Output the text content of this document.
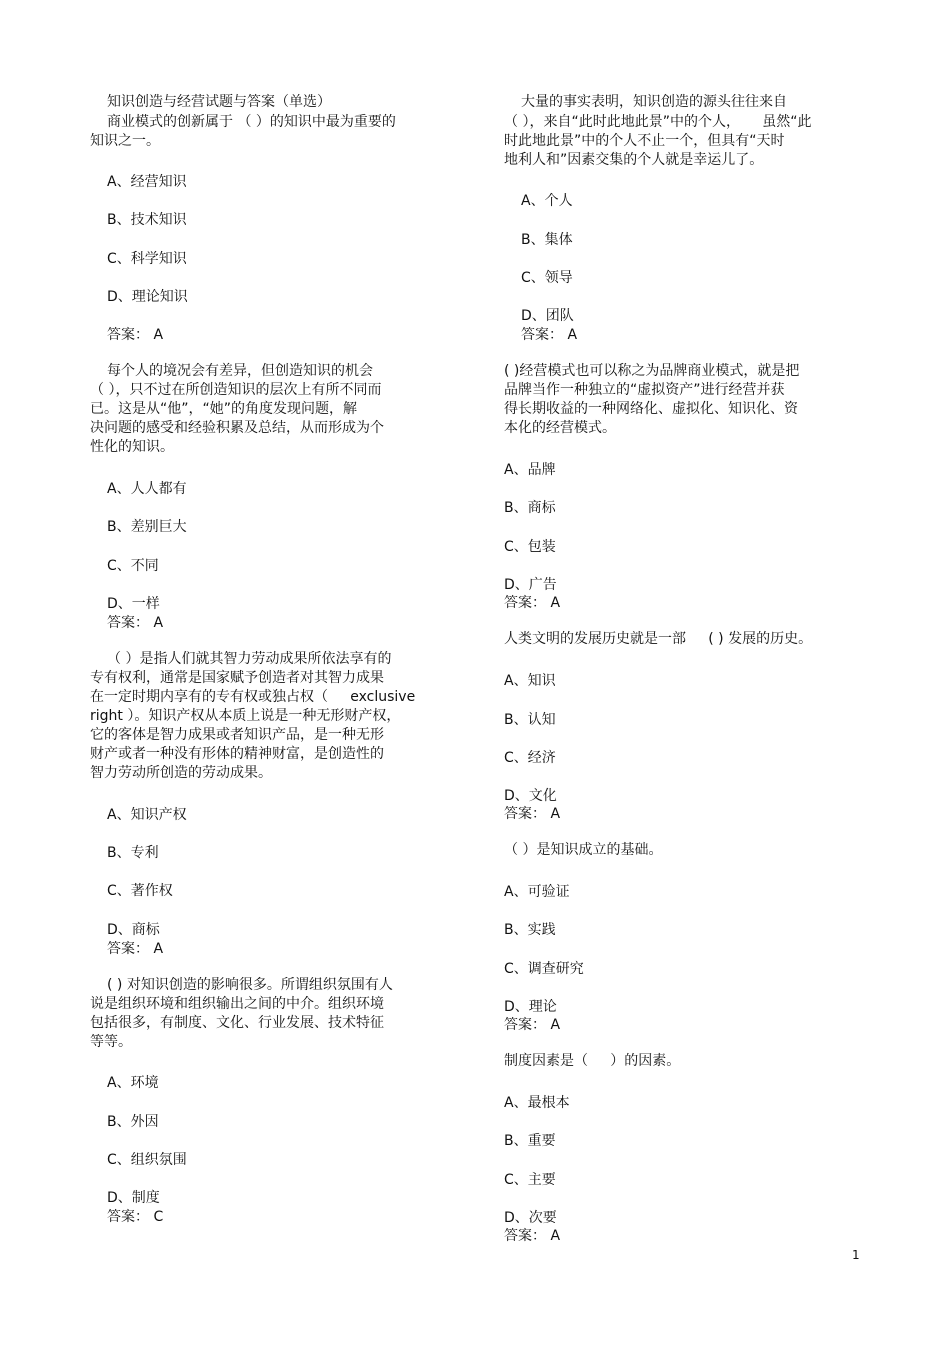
知识创造与经营试题与答案（单选）
商业模式的创新属于 （ ）的知识中最为重要的
知识之一。
A、经营知识
B、技术知识
C、科学知识
D、理论知识
答案： A
每个人的境况会有差异，但创造知识的机会
（ ），只不过在所创造知识的层次上有所不同而
已。这是从“他”，“她”的角度发现问题，解
决问题的感受和经验积累及总结，从而形成为个
性化的知识。
A、人人都有
B、差别巨大
C、不同
D、一样
答案： A
（ ）是指人们就其智力劳动成果所依法享有的
专有权利，通常是国家赋予创造者对其智力成果
在一定时期内享有的专有权或独占权（     exclusive
right ）。知识产权从本质上说是一种无形财产权，
它的客体是智力成果或者知识产品，是一种无形
财产或者一种没有形体的精神财富，是创造性的
智力劳动所创造的劳动成果。
A、知识产权
B、专利
C、著作权
D、商标
答案： A
( ) 对知识创造的影响很多。所谓组织氛围有人
说是组织环境和组织输出之间的中介。组织环境
包括很多，有制度、文化、行业发展、技术特征
等等。
A、环境
B、外因
C、组织氛围
D、制度
答案： C
大量的事实表明，知识创造的源头往往来自
（ ），来自“此时此地此景”中的个人，     虽然“此
时此地此景”中的个人不止一个，但具有“天时
地利人和”因素交集的个人就是幸运儿了。
A、个人
B、集体
C、领导
D、团队
答案： A
( )经营模式也可以称之为品牌商业模式，就是把
品牌当作一种独立的“虚拟资产”进行经营并获
得长期收益的一种网络化、虚拟化、知识化、资
本化的经营模式。
A、品牌
B、商标
C、包装
D、广告
答案： A
人类文明的发展历史就是一部     ( ) 发展的历史。
A、知识
B、认知
C、经济
D、文化
答案： A
（ ）是知识成立的基础。
A、可验证
B、实践
C、调查研究
D、理论
答案： A
制度因素是（     ）的因素。
A、最根本
B、重要
C、主要
D、次要
答案： A
1
